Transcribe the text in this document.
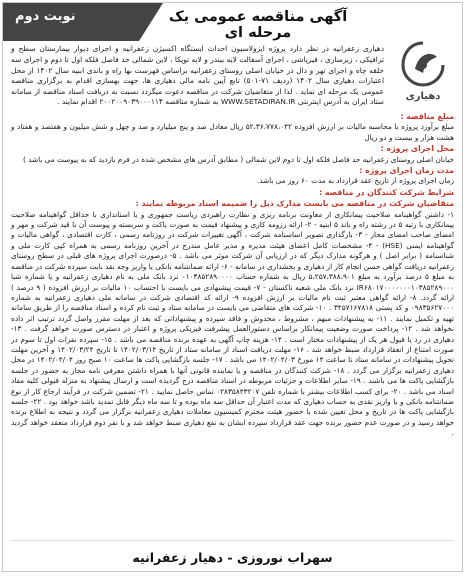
نوبت دوم	آگهی مناقصه عمومی یک مرحله ای
دهیاری

دهیاری زعفرانیه در نظر دارد پروژه ایزولاسیون احداث ایستگاه اکسیژن زعفرانیه و اجرای دیوار بیمارستان سطح و ترافیکی ، زیرسازی ، قیرپاشی ، اجرای آسفالت لایه بیندر و لایه توپکا ، لاین شمالی حد فاصل فلکه اول تا دوم و اجرای سه حلقه چاه و اجرای تهر و دال در خیابان اصلی روستای زعفرانیه براساس فهرست بها راه و باندی ابنیه سال ۱۴۰۲ از محل اعتبارات دهیاری سال ۱۴۰۲ (ردیف ۷۱-۵۰۱) تابع آیین نامه مالی دهیاری ها، جهت بهسازی اقدام به برگزاری مناقصه عمومی یک مرحله ای نماید . لذا از متقاضیان شرکت در مناقصه دعوت میگردد نسبت به دریافت اسناد مناقصه از سامانه ستاد ایران به آدرس اینترنتی WWW.SETADIRAN.IR به شماره مناقصه ۲۰۰۲۰۰۹۰۳۹۰۰۰۱۱۴ اقدام نمایند .

مبلغ مناقصه :

مبلغ برآورد پروژه با محاسبه مالیات بر ارزش افزوده ۵۲،۳۶،۷۷۸،۰۴۲ ریال معادل صد و پنج میلیارد و صد و چهل و شش میلیون و هفتصد و هفتاد و هشت هزار و بیست و دو ریال

محل اجرای پروژه :

خیابان اصلی روستای زعفرانیه حد فاصل فلکه اول تا دوم لاین شمالی ( مطابق آدرس های مشخص شده در فرم بازدید که به پیوست می باشد )

مدت زمان اجرای پروژه :

زمان اجرای پروژه از تاریخ عقد قرارداد به مدت ۶۰ روز می باشد.

شرایط شرکت کنندگان در مناقصه :
متقاضیان شرکت در مناقصه می بایست مدارک ذیل را ضمیمه اسناد مربوطه نمایند :

۱- داشتن گواهینامه صلاحیت پیمانکاری از معاونت برنامه ریزی و نظارت راهبردی ریاست جمهوری و یا استانداری با حداقل گواهینامه صلاحیت پیمانکاری با رتبه ۵ در رشته راه و باند ۵ ابنیه - ۲- ارائه رزومه کاری و پیشنهاد قیمت به صورت پاکت و سربسته و پیوست آن با قید شرکت و مهر و امضای صاحب امضای مجاز - ۳- بارگذاری تصویر اساسنامه شرکت ، آگهی تغییرات شرکت در روزنامه رسمی ، کارت اقتصادی ، گواهی مالیات و گواهینامه ایمنی (HSE) - ۴- مشخصات کامل اعضای هیئت مدیره و مدیر عامل مندرج در آخرین روزنامه رسمی به همراه کپی کارت ملی و شناسنامه ( برابر اصل ) و هرگونه مدارک دیگر که در ارزیابی آن شرکت موثر می باشد . ۵- درصورت اجرای پروژه های قبلی در سطح روستای زعفرانیه دریافت گواهی حسن انجام کار از دهیاری و بخشداری در سامانه - ۶- ارائه ضمانتنامه بانکی یا واریز وجه نقد بابت سپرده شرکت در مناقصه به مبلغ ۵ درصد برآورد به مبلغ ۵،۲۵۷،۳۸۸،۹۰۱ ریال به شماره حساب ۰۱۰۳۸۵۲۸۹۰۰۰۰ نزد بانک ملی به نام دهیاری زعفرانیه و یا شماره شبا IR۶۸۰۱۷۰۰۰۰۰۰۰۱۰۳۸۵۲۸۹۰۰۰ نزد بانک ملی شعبه تاکستان - ۷- قیمت پیشنهادی می بایست با احتساب ۱۰ مالیات بر ارزش افزوده ( ۹ درصد ) ارائه گردد. ۸- ارائه گواهی معتبر ثبت نام مالیات بر ارزش افزوده ۹- ارائه کد اقتصادی شرکت در سامانه ملی دهیاری زعفرانیه به شماره ۰۹۸۳۵۶۲۷۰۰۰ و کد پستی ۳۴۵۷۱۶۷۸۱۸ . ۱۰- شرکت های متقاضی می بایست در سامانه ستاد و ثبت نام کرده و اسناد مناقصه را از طریق سامانه تهیه و تکمیل نمایند . ۱۱- به پیشنهادات مبهم ، مشروط ، مخدوش و فاقد سپرده و پیشنهاداتی که بعد از مهلت مقرر واصل گردد ترتیب اثر داده نخواهد شد . ۱۲- پرداخت صورت وضعیت پیمانکار براساس دستورالعمل پیشرفت فیزیکی پروژه و اعتبار در دسترس صورت خواهد گرفت . ۱۳- دهیاری در رد یا قبول هر یک از پیشنهادات مختار است . ۱۴- هزینه چاپ آگهی به عهده برنده مناقصه می باشد . ۱۵- سپرده نفرات اول تا سوم در صورت امتناع از انعقاد قرارداد ضبط خواهد شد . ۱۶- مهلت دریافت اسناد از سامانه ستاد از تاریخ ۱۴۰۲/۰۳/۱۴ تا تاریخ ۱۴۰۲/۰۳/۲۴ و آخرین مهلت تحویل پیشنهادات در سامانه ستاد تا ساعت ۱۴ مورخ ۱۴۰۲/۰۴/۰۳ می باشد . ۱۷- جلسه بازگشایی پاکت ها ساعت ۱۰ صبح روز ۱۴۰۲/۰۴/۰۴ در محل دهیاری زعفرانیه برگزار می گردد . ۱۸- شرکت کنندگان در مناقصه و یا نماینده قانونی آنها با همراه داشتن معرفی نامه مجاز به حضور در جلسه بازگشایی پاکت ها می باشند . ۱۹- سایر اطلاعات و جزئیات مربوطه در اسناد مناقصه درج گردیده است و ارسال پیشنهاد به منزله قبولی کلیه مفاد اسناد می باشد . ۲۰- برای کسب اطلاعات بیشتر با شماره تلفن ۰۲۸۳۵۸۴۳۲۰۷ تماس حاصل نمایید . ۲۱- تضمین شرکت در فرآیند ارجاع کار از نوع ضمانتنامه بانکی و یا واریز نقدی به حساب دهیاری که مدت اعتبار آن حداقل سه ماه بوده و تا سه ماه دیگر قابل تمدید باشد خواهد بود . ۲۲- جلسه بازگشایی پاکت ها در تاریخ و محل تعیین شده با حضور هیئت محترم کمیسیون معاملات دهیاری زعفرانیه برگزار می گردد و نتیجه به اطلاع برنده خواهد رسید و در صورت عدم حضور برنده جهت عقد قرارداد سپرده ایشان به نفع دهیاری ضبط خواهد شد و با نفر دوم قرارداد منعقد خواهد گردید .

سهراب نوروزی - دهیار زعفرانیه
